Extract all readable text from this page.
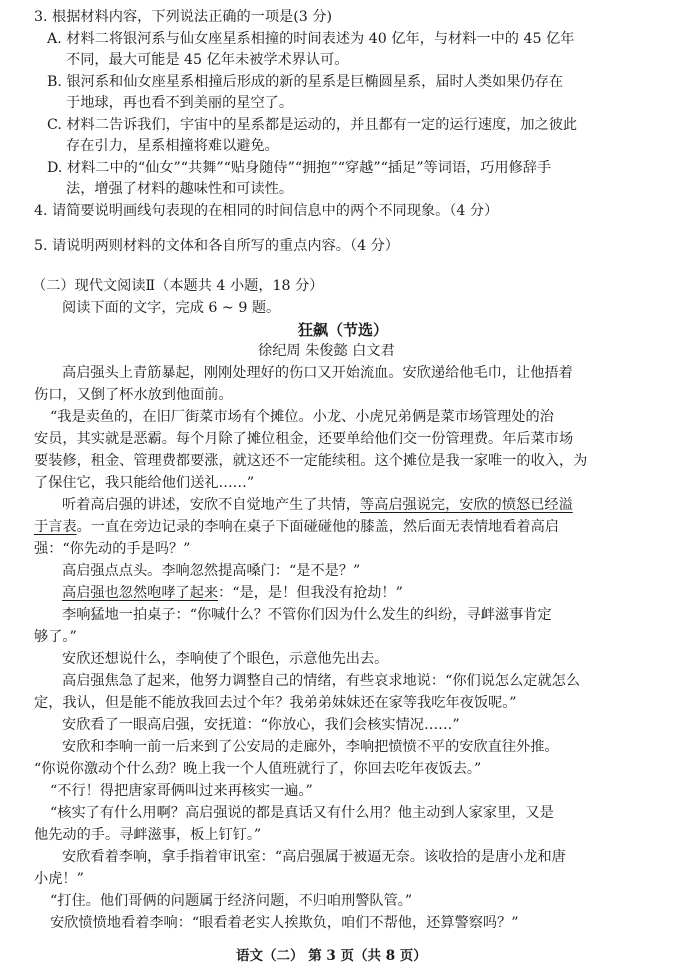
3. 根据材料内容，下列说法正确的一项是(3 分)
A. 材料二将银河系与仙女座星系相撞的时间表述为 40 亿年，与材料一中的 45 亿年
不同，最大可能是 45 亿年未被学术界认可。
B. 银河系和仙女座星系相撞后形成的新的星系是巨椭圆星系，届时人类如果仍存在
于地球，再也看不到美丽的星空了。
C. 材料二告诉我们，宇宙中的星系都是运动的，并且都有一定的运行速度，加之彼此
存在引力，星系相撞将难以避免。
D. 材料二中的“仙女”“共舞”“贴身随侍”“拥抱”“穿越”“插足”等词语，巧用修辞手
法，增强了材料的趣味性和可读性。
4. 请简要说明画线句表现的在相同的时间信息中的两个不同现象。（4 分）
5. 请说明两则材料的文体和各自所写的重点内容。（4 分）
（二）现代文阅读Ⅱ（本题共 4 小题，18 分）
阅读下面的文字，完成 6 ~ 9 题。
狂飙（节选）
徐纪周 朱俊懿 白文君
高启强头上青筋暴起，刚刚处理好的伤口又开始流血。安欣递给他毛巾，让他捂着
伤口，又倒了杯水放到他面前。
“我是卖鱼的，在旧厂街菜市场有个摊位。小龙、小虎兄弟俩是菜市场管理处的治
安员，其实就是恶霸。每个月除了摊位租金，还要单给他们交一份管理费。年后菜市场
要装修，租金、管理费都要涨，就这还不一定能续租。这个摊位是我一家唯一的收入，为
了保住它，我只能给他们送礼……”
听着高启强的讲述，安欣不自觉地产生了共情，等高启强说完，安欣的愤怒已经溢
于言表。一直在旁边记录的李响在桌子下面碰碰他的膝盖，然后面无表情地看着高启
强：“你先动的手是吗？”
高启强点点头。李响忽然提高嗓门：“是不是？”
高启强也忽然咆哮了起来：“是，是！但我没有抢劫！”
李响猛地一拍桌子：“你喊什么？不管你们因为什么发生的纠纷，寻衅滋事肯定
够了。”
安欣还想说什么，李响使了个眼色，示意他先出去。
高启强焦急了起来，他努力调整自己的情绪，有些哀求地说：“你们说怎么定就怎么
定，我认，但是能不能放我回去过个年？我弟弟妹妹还在家等我吃年夜饭呢。”
安欣看了一眼高启强，安抚道：“你放心，我们会核实情况……”
安欣和李响一前一后来到了公安局的走廊外，李响把愤愤不平的安欣直往外推。
“你说你激动个什么劲？晚上我一个人值班就行了，你回去吃年夜饭去。”
“不行！得把唐家哥俩叫过来再核实一遍。”
“核实了有什么用啊？高启强说的都是真话又有什么用？他主动到人家家里，又是
他先动的手。寻衅滋事，板上钉钉。”
安欣看着李响，拿手指着审讯室：“高启强属于被逼无奈。该收拾的是唐小龙和唐
小虎！”
“打住。他们哥俩的问题属于经济问题，不归咱刑警队管。”
安欣愤愤地看着李响：“眼看着老实人挨欺负，咱们不帮他，还算警察吗？”
语文（二） 第 3 页（共 8 页）
